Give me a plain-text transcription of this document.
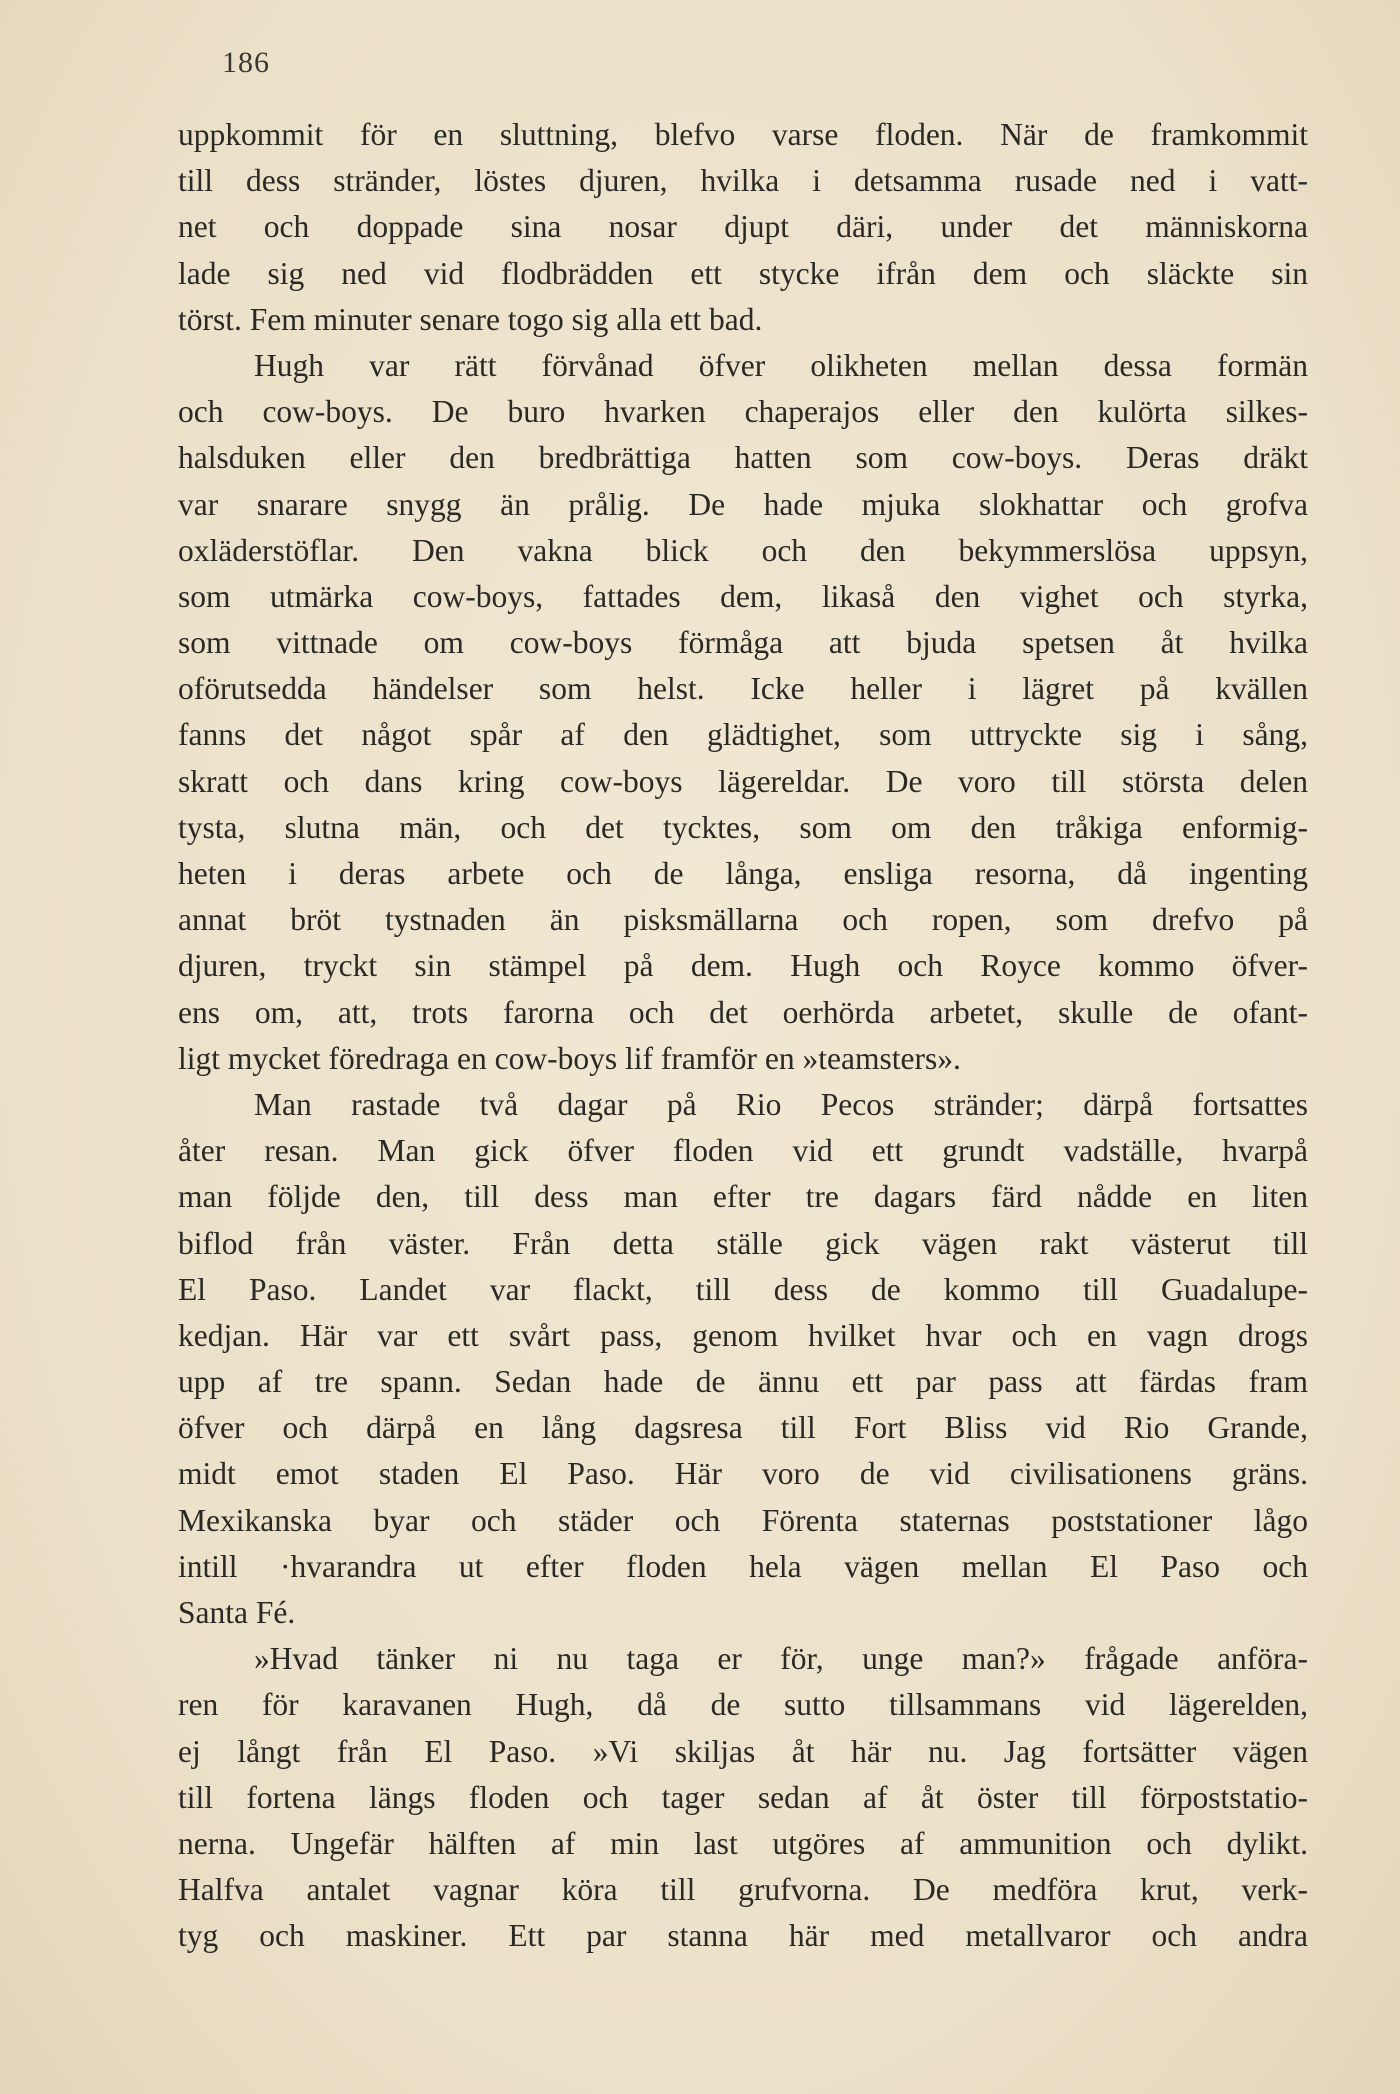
186
uppkommit för en sluttning, blefvo varse floden. När de framkommit
till dess stränder, löstes djuren, hvilka i detsamma rusade ned i vatt-
net och doppade sina nosar djupt däri, under det människorna
lade sig ned vid flodbrädden ett stycke ifrån dem och släckte sin
törst. Fem minuter senare togo sig alla ett bad.
Hugh var rätt förvånad öfver olikheten mellan dessa formän
och cow-boys. De buro hvarken chaperajos eller den kulörta silkes-
halsduken eller den bredbrättiga hatten som cow-boys. Deras dräkt
var snarare snygg än prålig. De hade mjuka slokhattar och grofva
oxläderstöflar. Den vakna blick och den bekymmerslösa uppsyn,
som utmärka cow-boys, fattades dem, likaså den vighet och styrka,
som vittnade om cow-boys förmåga att bjuda spetsen åt hvilka
oförutsedda händelser som helst. Icke heller i lägret på kvällen
fanns det något spår af den glädtighet, som uttryckte sig i sång,
skratt och dans kring cow-boys lägereldar. De voro till största delen
tysta, slutna män, och det tycktes, som om den tråkiga enformig-
heten i deras arbete och de långa, ensliga resorna, då ingenting
annat bröt tystnaden än pisksmällarna och ropen, som drefvo på
djuren, tryckt sin stämpel på dem. Hugh och Royce kommo öfver-
ens om, att, trots farorna och det oerhörda arbetet, skulle de ofant-
ligt mycket föredraga en cow-boys lif framför en »teamsters».
Man rastade två dagar på Rio Pecos stränder; därpå fortsattes
åter resan. Man gick öfver floden vid ett grundt vadställe, hvarpå
man följde den, till dess man efter tre dagars färd nådde en liten
biflod från väster. Från detta ställe gick vägen rakt västerut till
El Paso. Landet var flackt, till dess de kommo till Guadalupe-
kedjan. Här var ett svårt pass, genom hvilket hvar och en vagn drogs
upp af tre spann. Sedan hade de ännu ett par pass att färdas fram
öfver och därpå en lång dagsresa till Fort Bliss vid Rio Grande,
midt emot staden El Paso. Här voro de vid civilisationens gräns.
Mexikanska byar och städer och Förenta staternas poststationer lågo
intill ·hvarandra ut efter floden hela vägen mellan El Paso och
Santa Fé.
»Hvad tänker ni nu taga er för, unge man?» frågade anföra-
ren för karavanen Hugh, då de sutto tillsammans vid lägerelden,
ej långt från El Paso. »Vi skiljas åt här nu. Jag fortsätter vägen
till fortena längs floden och tager sedan af åt öster till förpoststatio-
nerna. Ungefär hälften af min last utgöres af ammunition och dylikt.
Halfva antalet vagnar köra till grufvorna. De medföra krut, verk-
tyg och maskiner. Ett par stanna här med metallvaror och andra
